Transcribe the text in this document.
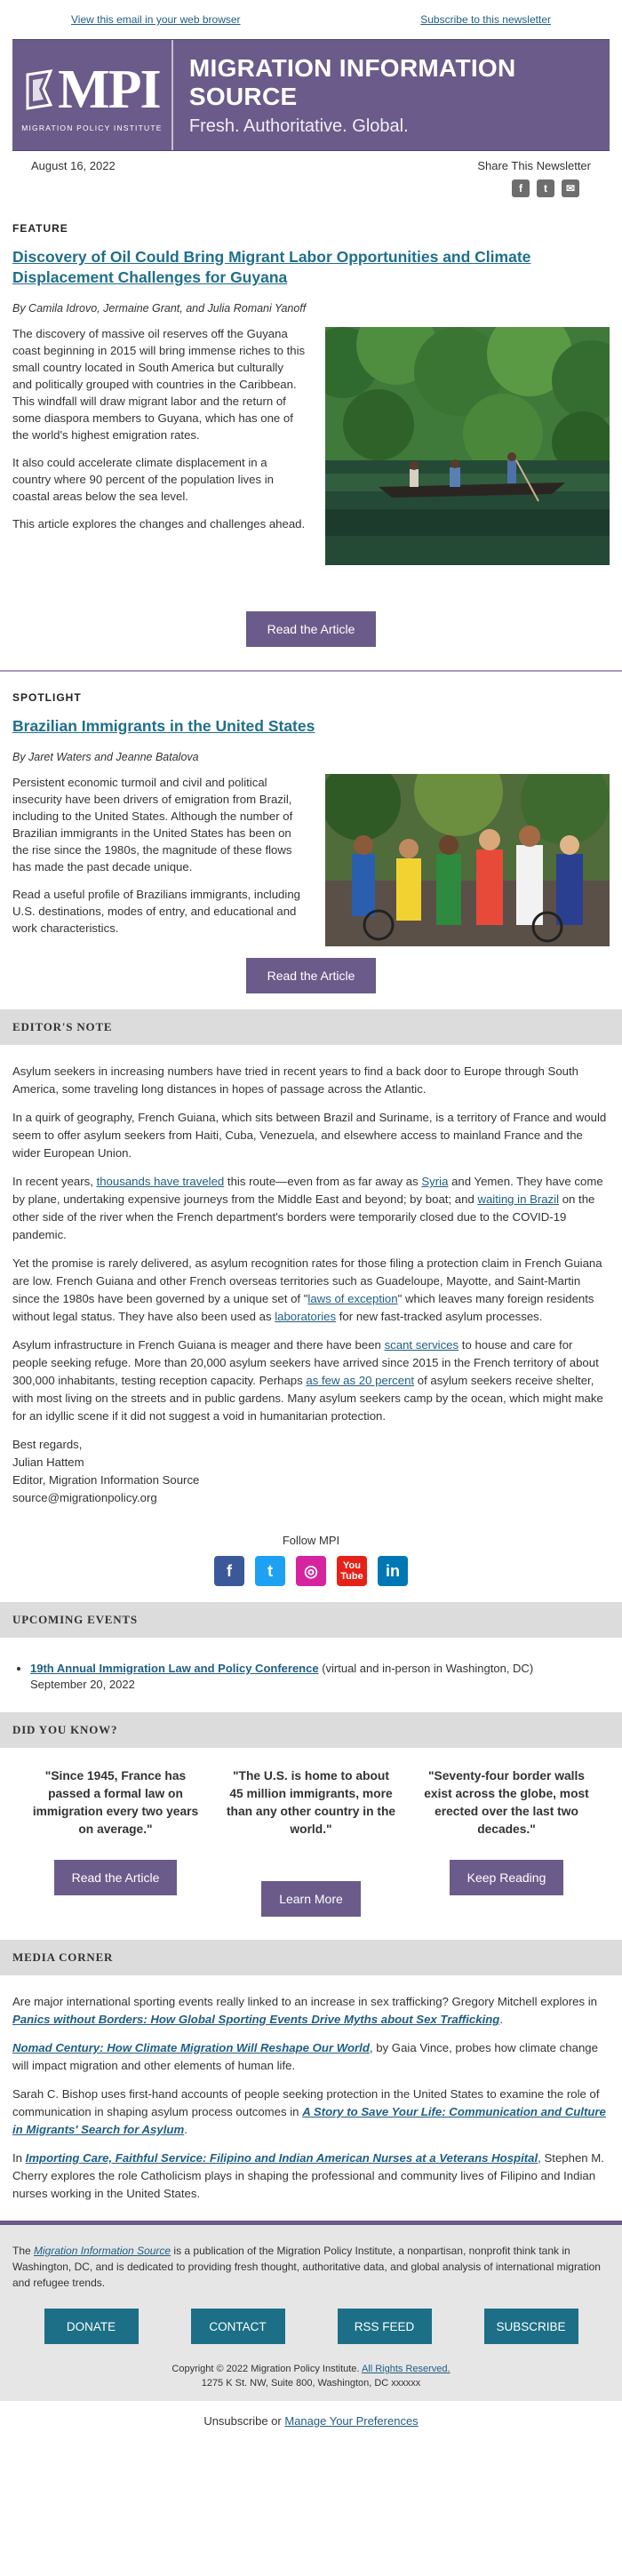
View this email in your web browser	Subscribe to this newsletter
MPI
MIGRATION POLICY INSTITUTE
MIGRATION INFORMATION SOURCE
Fresh. Authoritative. Global.
August 16, 2022	Share This Newsletter
f	t	✉
FEATURE
Discovery of Oil Could Bring Migrant Labor Opportunities and Climate Displacement Challenges for Guyana
By Camila Idrovo, Jermaine Grant, and Julia Romani Yanoff

The discovery of massive oil reserves off the Guyana coast beginning in 2015 will bring immense riches to this small country located in South America but culturally and politically grouped with countries in the Caribbean. This windfall will draw migrant labor and the return of some diaspora members to Guyana, which has one of the world's highest emigration rates.

It also could accelerate climate displacement in a country where 90 percent of the population lives in coastal areas below the sea level.

This article explores the changes and challenges ahead.

Read the Article
SPOTLIGHT
Brazilian Immigrants in the United States
By Jaret Waters and Jeanne Batalova

Persistent economic turmoil and civil and political insecurity have been drivers of emigration from Brazil, including to the United States. Although the number of Brazilian immigrants in the United States has been on the rise since the 1980s, the magnitude of these flows has made the past decade unique.

Read a useful profile of Brazilians immigrants, including U.S. destinations, modes of entry, and educational and work characteristics.

Read the Article
EDITOR'S NOTE

Asylum seekers in increasing numbers have tried in recent years to find a back door to Europe through South America, some traveling long distances in hopes of passage across the Atlantic.

In a quirk of geography, French Guiana, which sits between Brazil and Suriname, is a territory of France and would seem to offer asylum seekers from Haiti, Cuba, Venezuela, and elsewhere access to mainland France and the wider European Union.

In recent years, thousands have traveled this route—even from as far away as Syria and Yemen. They have come by plane, undertaking expensive journeys from the Middle East and beyond; by boat; and waiting in Brazil on the other side of the river when the French department's borders were temporarily closed due to the COVID-19 pandemic.

Yet the promise is rarely delivered, as asylum recognition rates for those filing a protection claim in French Guiana are low. French Guiana and other French overseas territories such as Guadeloupe, Mayotte, and Saint-Martin since the 1980s have been governed by a unique set of "laws of exception" which leaves many foreign residents without legal status. They have also been used as laboratories for new fast-tracked asylum processes.

Asylum infrastructure in French Guiana is meager and there have been scant services to house and care for people seeking refuge. More than 20,000 asylum seekers have arrived since 2015 in the French territory of about 300,000 inhabitants, testing reception capacity. Perhaps as few as 20 percent of asylum seekers receive shelter, with most living on the streets and in public gardens. Many asylum seekers camp by the ocean, which might make for an idyllic scene if it did not suggest a void in humanitarian protection.

Best regards,
Julian Hattem
Editor, Migration Information Source
source@migrationpolicy.org

Follow MPI
f	t	◎	You Tube	in
UPCOMING EVENTS
• 19th Annual Immigration Law and Policy Conference (virtual and in-person in Washington, DC)
September 20, 2022
DID YOU KNOW?
"Since 1945, France has passed a formal law on immigration every two years on average."
Read the Article
"The U.S. is home to about 45 million immigrants, more than any other country in the world."
Learn More
"Seventy-four border walls exist across the globe, most erected over the last two decades."
Keep Reading
MEDIA CORNER

Are major international sporting events really linked to an increase in sex trafficking? Gregory Mitchell explores in Panics without Borders: How Global Sporting Events Drive Myths about Sex Trafficking.

Nomad Century: How Climate Migration Will Reshape Our World, by Gaia Vince, probes how climate change will impact migration and other elements of human life.

Sarah C. Bishop uses first-hand accounts of people seeking protection in the United States to examine the role of communication in shaping asylum process outcomes in A Story to Save Your Life: Communication and Culture in Migrants' Search for Asylum.

In Importing Care, Faithful Service: Filipino and Indian American Nurses at a Veterans Hospital, Stephen M. Cherry explores the role Catholicism plays in shaping the professional and community lives of Filipino and Indian nurses working in the United States.

The Migration Information Source is a publication of the Migration Policy Institute, a nonpartisan, nonprofit think tank in Washington, DC, and is dedicated to providing fresh thought, authoritative data, and global analysis of international migration and refugee trends.
DONATE	CONTACT	RSS FEED	SUBSCRIBE
Copyright © 2022 Migration Policy Institute. All Rights Reserved.
1275 K St. NW, Suite 800, Washington, DC xxxxxx
Unsubscribe or Manage Your Preferences
